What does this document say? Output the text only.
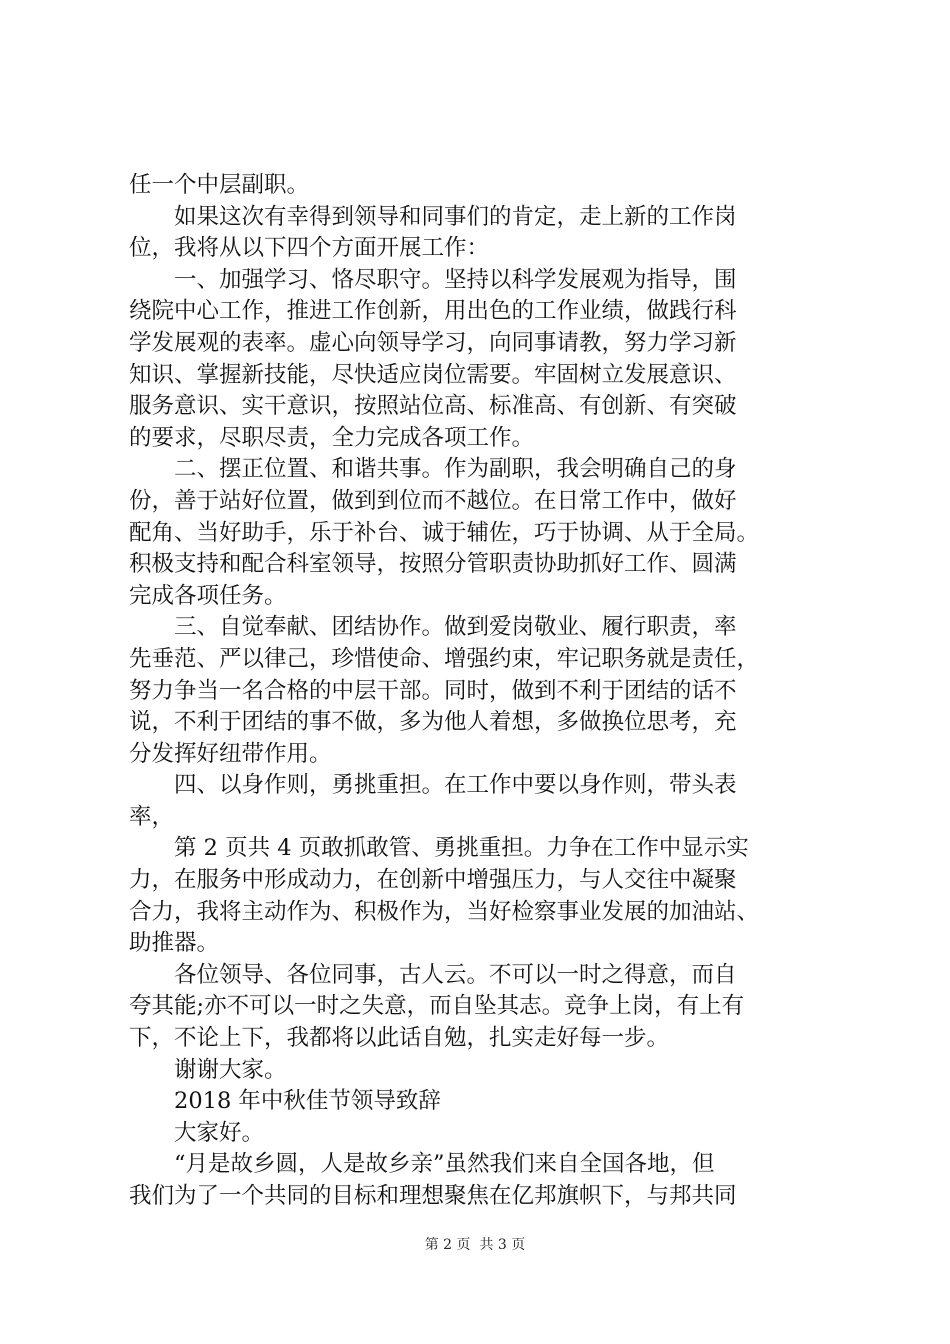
任一个中层副职。
　　如果这次有幸得到领导和同事们的肯定，走上新的工作岗
位，我将从以下四个方面开展工作：
　　一、加强学习、恪尽职守。坚持以科学发展观为指导，围
绕院中心工作，推进工作创新，用出色的工作业绩，做践行科
学发展观的表率。虚心向领导学习，向同事请教，努力学习新
知识、掌握新技能，尽快适应岗位需要。牢固树立发展意识、
服务意识、实干意识，按照站位高、标准高、有创新、有突破
的要求，尽职尽责，全力完成各项工作。
　　二、摆正位置、和谐共事。作为副职，我会明确自己的身
份，善于站好位置，做到到位而不越位。在日常工作中，做好
配角、当好助手，乐于补台、诚于辅佐，巧于协调、从于全局。
积极支持和配合科室领导，按照分管职责协助抓好工作、圆满
完成各项任务。
　　三、自觉奉献、团结协作。做到爱岗敬业、履行职责，率
先垂范、严以律己，珍惜使命、增强约束，牢记职务就是责任，
努力争当一名合格的中层干部。同时，做到不利于团结的话不
说，不利于团结的事不做，多为他人着想，多做换位思考，充
分发挥好纽带作用。
　　四、以身作则，勇挑重担。在工作中要以身作则，带头表
率，
　　第 2 页共 4 页敢抓敢管、勇挑重担。力争在工作中显示实
力，在服务中形成动力，在创新中增强压力，与人交往中凝聚
合力，我将主动作为、积极作为，当好检察事业发展的加油站、
助推器。
　　各位领导、各位同事，古人云。不可以一时之得意，而自
夸其能;亦不可以一时之失意，而自坠其志。竞争上岗，有上有
下，不论上下，我都将以此话自勉，扎实走好每一步。
　　谢谢大家。
　　2018 年中秋佳节领导致辞
　　大家好。
　　“月是故乡圆，人是故乡亲”虽然我们来自全国各地，但
我们为了一个共同的目标和理想聚焦在亿邦旗帜下，与邦共同
第 2 页  共 3 页
